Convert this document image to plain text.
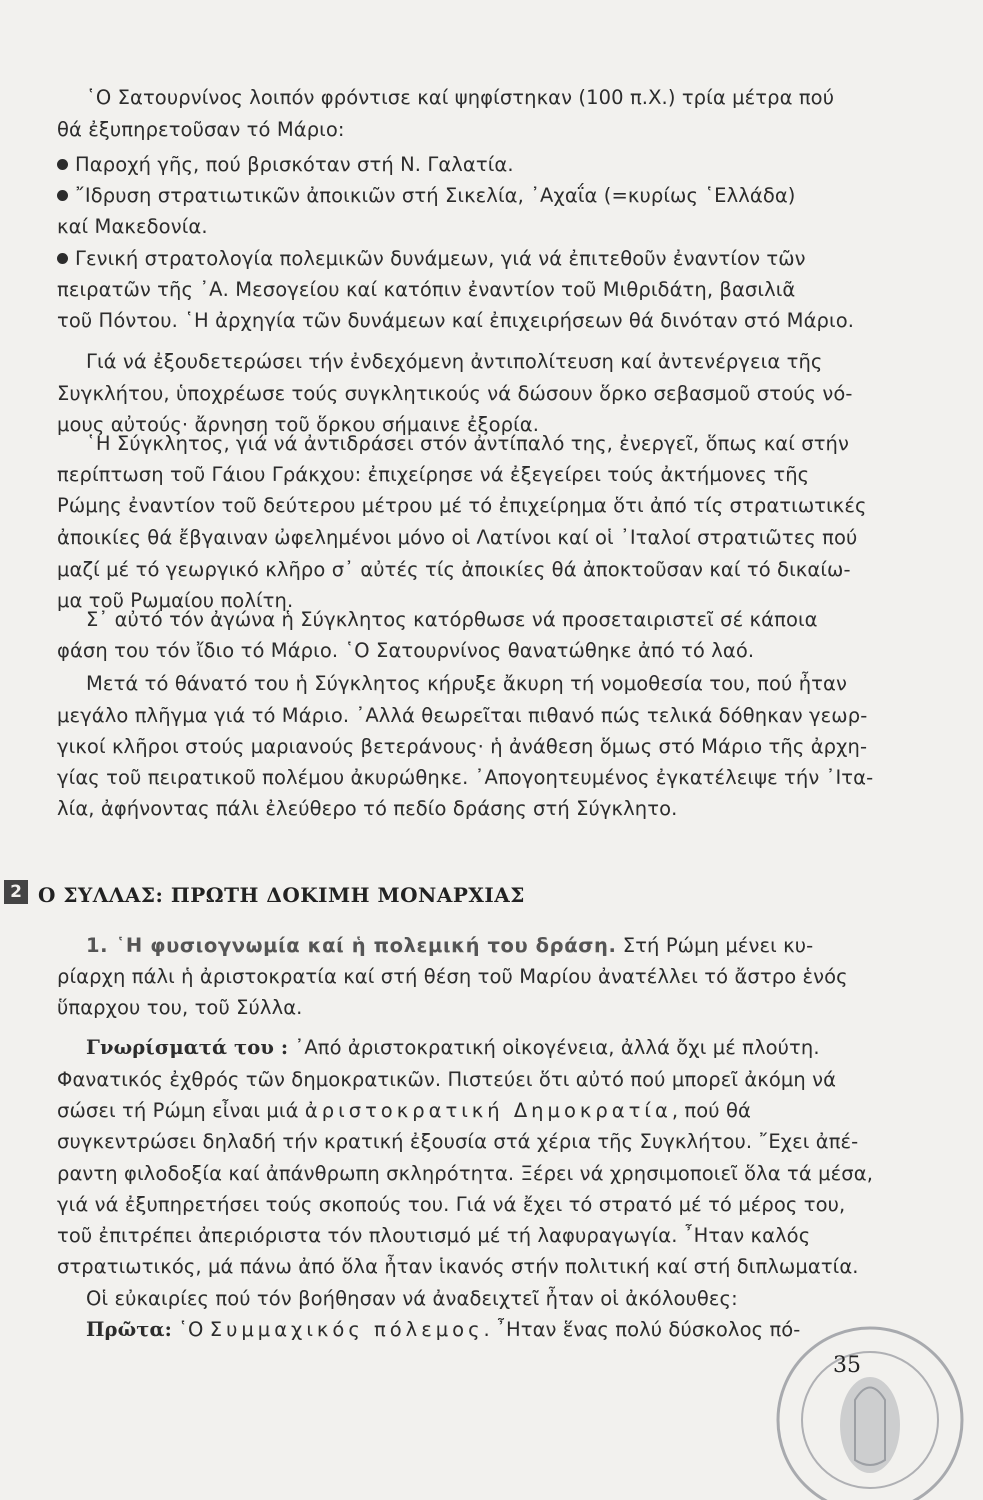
῾Ο Σατουρνίνος λοιπόν φρόντισε καί ψηφίστηκαν (100 π.Χ.) τρία μέτρα πού

θά ἐξυπηρετοῦσαν τό Μάριο:

Παροχή γῆς, πού βρισκόταν στή Ν. Γαλατία.

῎Ιδρυση στρατιωτικῶν ἀποικιῶν στή Σικελία, ᾿Αχαΐα (=κυρίως ῾Ελλάδα)

καί Μακεδονία.

Γενική στρατολογία πολεμικῶν δυνάμεων, γιά νά ἐπιτεθοῦν ἐναντίον τῶν

πειρατῶν τῆς ᾿Α. Μεσογείου καί κατόπιν ἐναντίον τοῦ Μιθριδάτη, βασιλιᾶ

τοῦ Πόντου. ῾Η ἀρχηγία τῶν δυνάμεων καί ἐπιχειρήσεων θά δινόταν στό Μάριο.

Γιά νά ἐξουδετερώσει τήν ἐνδεχόμενη ἀντιπολίτευση καί ἀντενέργεια τῆς

Συγκλήτου, ὑποχρέωσε τούς συγκλητικούς νά δώσουν ὅρκο σεβασμοῦ στούς νό-

μους αὐτούς· ἄρνηση τοῦ ὅρκου σήμαινε ἐξορία.

῾Η Σύγκλητος, γιά νά ἀντιδράσει στόν ἀντίπαλό της, ἐνεργεῖ, ὅπως καί στήν

περίπτωση τοῦ Γάιου Γράκχου: ἐπιχείρησε νά ἐξεγείρει τούς ἀκτήμονες τῆς

Ρώμης ἐναντίον τοῦ δεύτερου μέτρου μέ τό ἐπιχείρημα ὅτι ἀπό τίς στρατιωτικές

ἀποικίες θά ἔβγαιναν ὠφελημένοι μόνο οἱ Λατίνοι καί οἱ ᾿Ιταλοί στρατιῶτες πού

μαζί μέ τό γεωργικό κλῆρο σ᾿ αὐτές τίς ἀποικίες θά ἀποκτοῦσαν καί τό δικαίω-

μα τοῦ Ρωμαίου πολίτη.

Σ᾿ αὐτό τόν ἀγώνα ἡ Σύγκλητος κατόρθωσε νά προσεταιριστεῖ σέ κάποια

φάση του τόν ἴδιο τό Μάριο. ῾Ο Σατουρνίνος θανατώθηκε ἀπό τό λαό.

Μετά τό θάνατό του ἡ Σύγκλητος κήρυξε ἄκυρη τή νομοθεσία του, πού ἦταν

μεγάλο πλῆγμα γιά τό Μάριο. ᾿Αλλά θεωρεῖται πιθανό πώς τελικά δόθηκαν γεωρ-

γικοί κλῆροι στούς μαριανούς βετεράνους· ἡ ἀνάθεση ὅμως στό Μάριο τῆς ἀρχη-

γίας τοῦ πειρατικοῦ πολέμου ἀκυρώθηκε. ᾿Απογοητευμένος ἐγκατέλειψε τήν ᾿Ιτα-

λία, ἀφήνοντας πάλι ἐλεύθερο τό πεδίο δράσης στή Σύγκλητο.

2 Ο ΣΥΛΛΑΣ: ΠΡΩΤΗ ΔΟΚΙΜΗ ΜΟΝΑΡΧΙΑΣ

1. ῾Η φυσιογνωμία καί ἡ πολεμική του δράση. Στή Ρώμη μένει κυ-

ρίαρχη πάλι ἡ ἀριστοκρατία καί στή θέση τοῦ Μαρίου ἀνατέλλει τό ἄστρο ἑνός

ὕπαρχου του, τοῦ Σύλλα.

Γνωρίσματά του : ᾿Από ἀριστοκρατική οἰκογένεια, ἀλλά ὄχι μέ πλούτη.

Φανατικός ἐχθρός τῶν δημοκρατικῶν. Πιστεύει ὅτι αὐτό πού μπορεῖ ἀκόμη νά

σώσει τή Ρώμη εἶναι μιά ἀριστοκρατική Δημοκρατία, πού θά

συγκεντρώσει δηλαδή τήν κρατική ἐξουσία στά χέρια τῆς Συγκλήτου. ῎Εχει ἀπέ-

ραντη φιλοδοξία καί ἀπάνθρωπη σκληρότητα. Ξέρει νά χρησιμοποιεῖ ὅλα τά μέσα,

γιά νά ἐξυπηρετήσει τούς σκοπούς του. Γιά νά ἔχει τό στρατό μέ τό μέρος του,

τοῦ ἐπιτρέπει ἀπεριόριστα τόν πλουτισμό μέ τή λαφυραγωγία. ῏Ηταν καλός

στρατιωτικός, μά πάνω ἀπό ὅλα ἦταν ἱκανός στήν πολιτική καί στή διπλωματία.

Οἱ εὐκαιρίες πού τόν βοήθησαν νά ἀναδειχτεῖ ἦταν οἱ ἀκόλουθες:

Πρῶτα: ῾Ο Συμμαχικός πόλεμος. ῏Ηταν ἕνας πολύ δύσκολος πό-

35
